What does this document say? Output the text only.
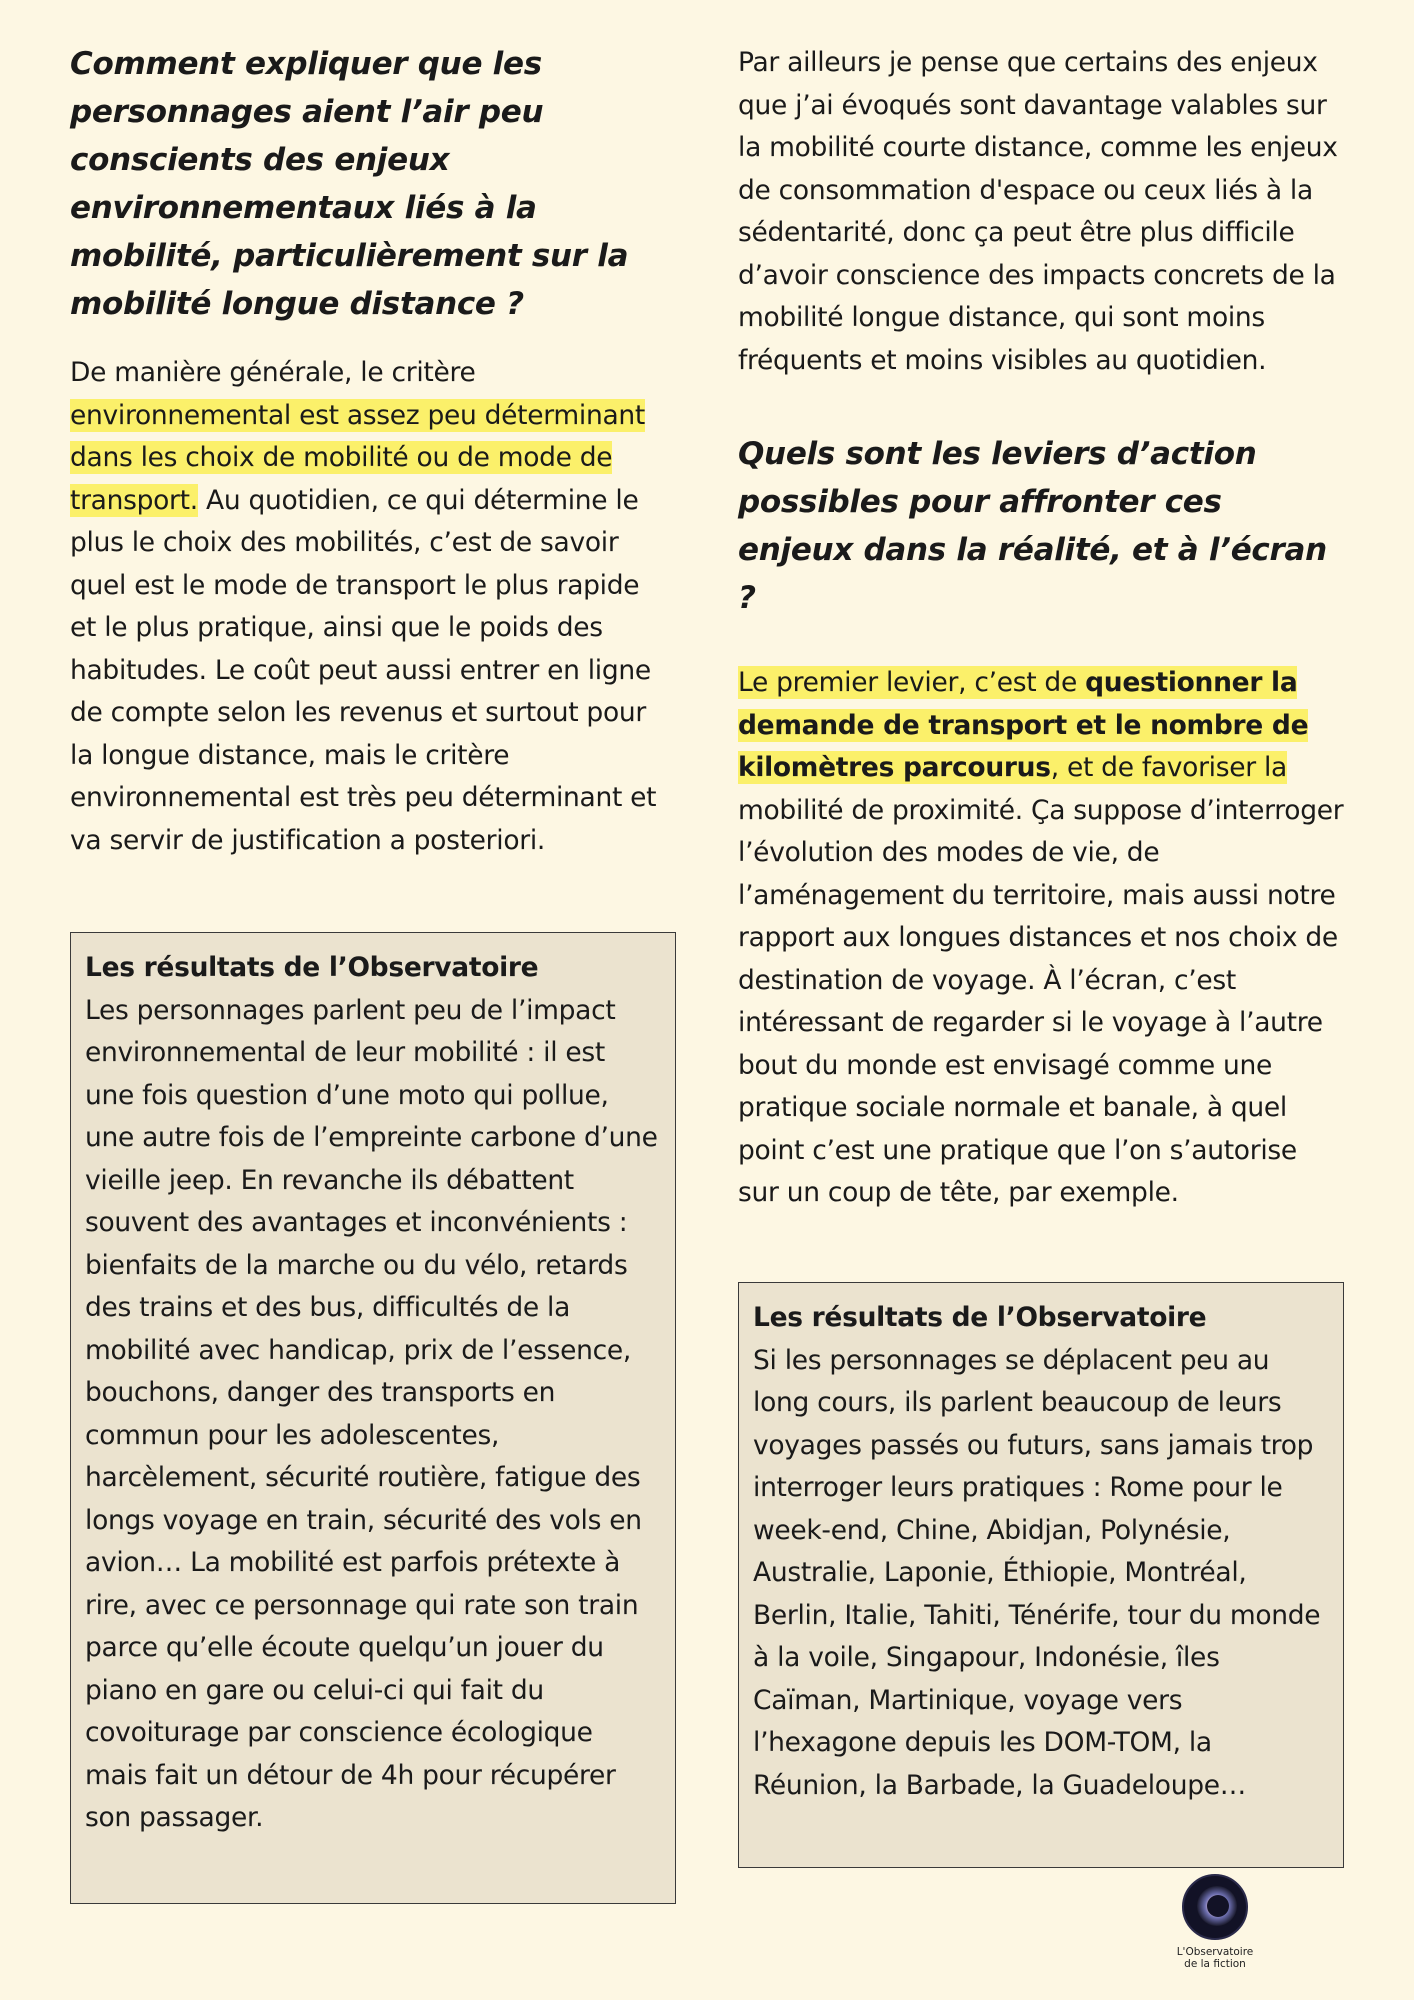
Comment expliquer que les personnages aient l’air peu conscients des enjeux environnementaux liés à la mobilité, particulièrement sur la mobilité longue distance ?

De manière générale, le critère environnemental est assez peu déterminant dans les choix de mobilité ou de mode de transport. Au quotidien, ce qui détermine le plus le choix des mobilités, c’est de savoir quel est le mode de transport le plus rapide et le plus pratique, ainsi que le poids des habitudes. Le coût peut aussi entrer en ligne de compte selon les revenus et surtout pour la longue distance, mais le critère environnemental est très peu déterminant et va servir de justification a posteriori.

Les résultats de l’Observatoire

Les personnages parlent peu de l’impact environnemental de leur mobilité : il est une fois question d’une moto qui pollue, une autre fois de l’empreinte carbone d’une vieille jeep. En revanche ils débattent souvent des avantages et inconvénients : bienfaits de la marche ou du vélo, retards des trains et des bus, difficultés de la mobilité avec handicap, prix de l’essence, bouchons, danger des transports en commun pour les adolescentes, harcèlement, sécurité routière, fatigue des longs voyage en train, sécurité des vols en avion… La mobilité est parfois prétexte à rire, avec ce personnage qui rate son train parce qu’elle écoute quelqu’un jouer du piano en gare ou celui-ci qui fait du covoiturage par conscience écologique mais fait un détour de 4h pour récupérer son passager.

Par ailleurs je pense que certains des enjeux que j’ai évoqués sont davantage valables sur la mobilité courte distance, comme les enjeux de consommation d'espace ou ceux liés à la sédentarité, donc ça peut être plus difficile d’avoir conscience des impacts concrets de la mobilité longue distance, qui sont moins fréquents et moins visibles au quotidien.

Quels sont les leviers d’action possibles pour affronter ces enjeux dans la réalité, et à l’écran ?

Le premier levier, c’est de questionner la demande de transport et le nombre de kilomètres parcourus, et de favoriser la mobilité de proximité. Ça suppose d’interroger l’évolution des modes de vie, de l’aménagement du territoire, mais aussi notre rapport aux longues distances et nos choix de destination de voyage. À l’écran, c’est intéressant de regarder si le voyage à l’autre bout du monde est envisagé comme une pratique sociale normale et banale, à quel point c’est une pratique que l’on s’autorise sur un coup de tête, par exemple.

Les résultats de l’Observatoire

Si les personnages se déplacent peu au long cours, ils parlent beaucoup de leurs voyages passés ou futurs, sans jamais trop interroger leurs pratiques : Rome pour le week-end, Chine, Abidjan, Polynésie, Australie, Laponie, Éthiopie, Montréal, Berlin, Italie, Tahiti, Ténérife, tour du monde à la voile, Singapour, Indonésie, îles Caïman, Martinique, voyage vers l’hexagone depuis les DOM-TOM, la Réunion, la Barbade, la Guadeloupe…

L'Observatoire
de la fiction
